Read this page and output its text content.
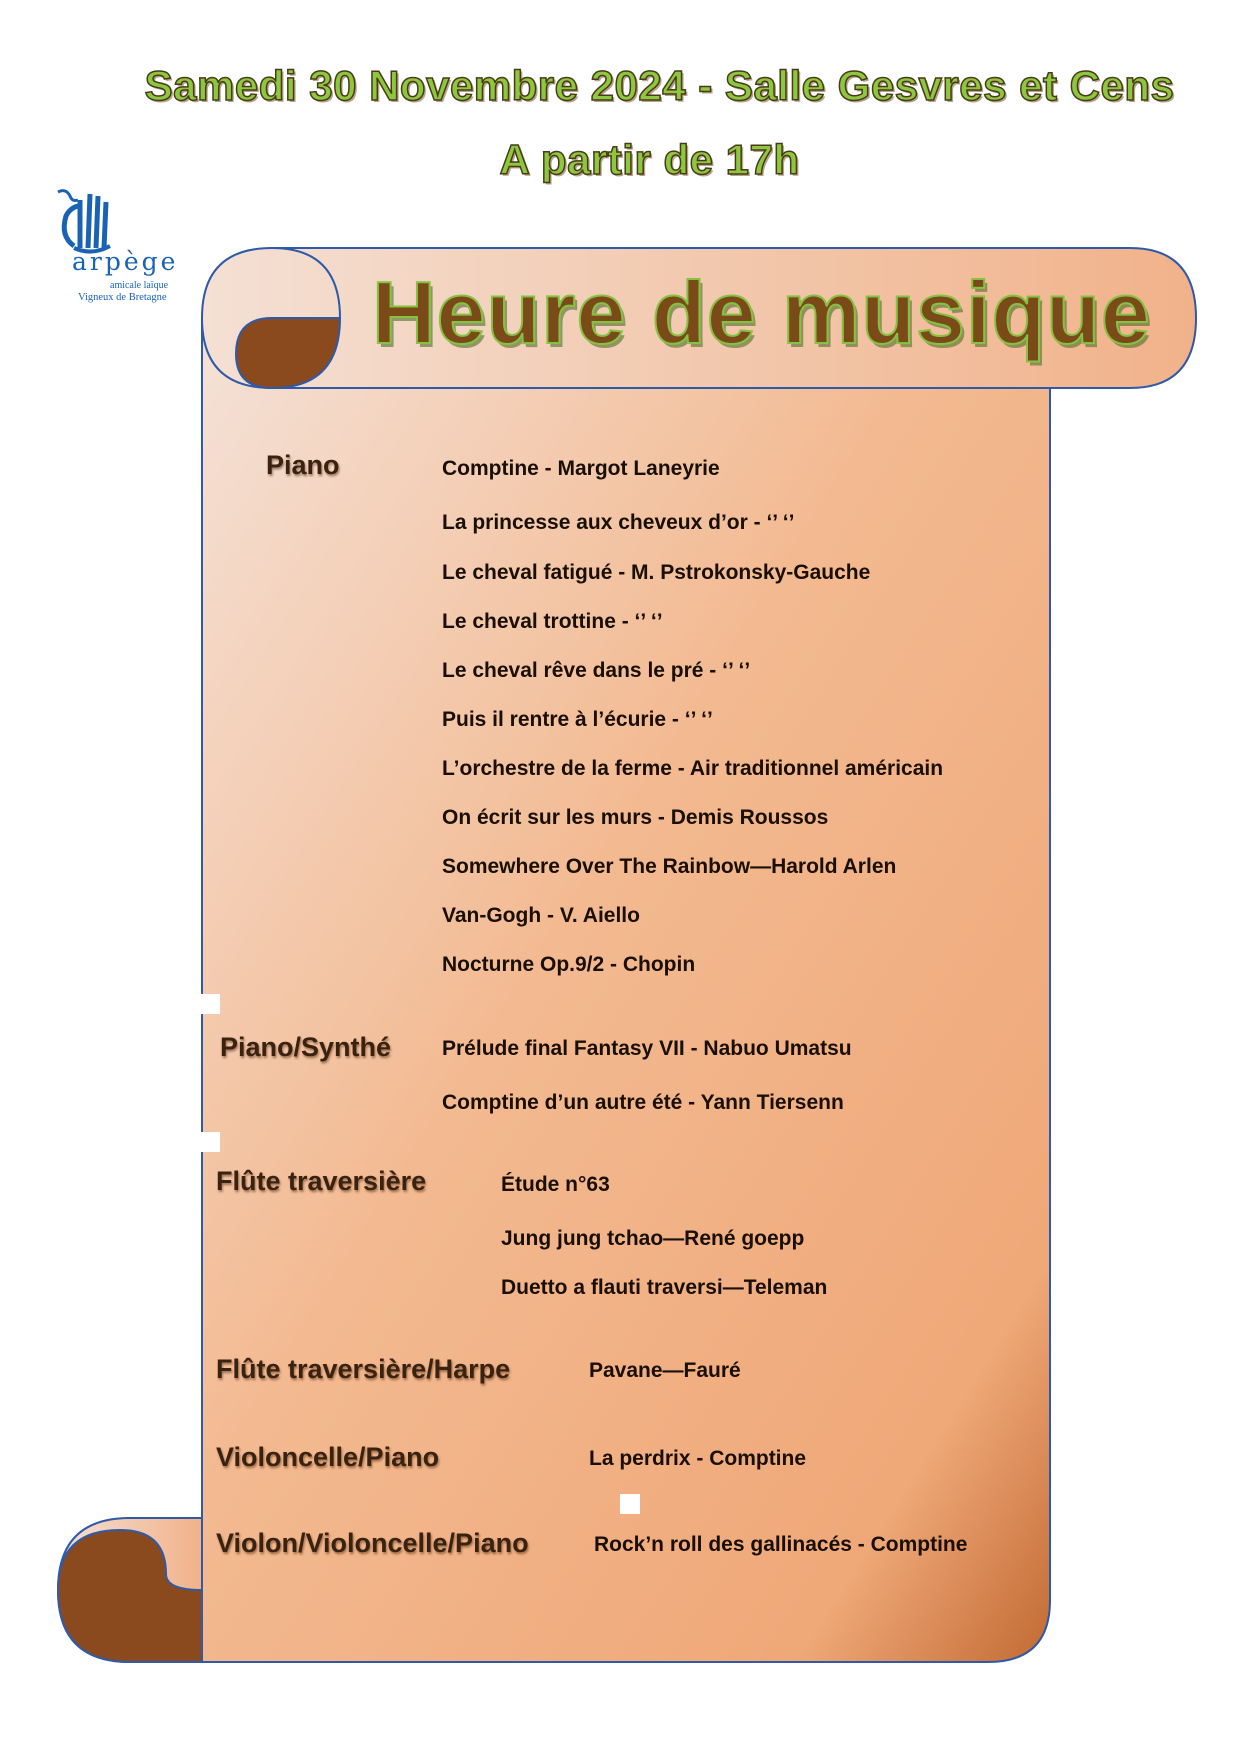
Samedi 30 Novembre 2024 - Salle Gesvres et Cens
A partir de 17h
arpège
amicale laïque
Vigneux de Bretagne Heure de musique
Piano
Piano/Synthé
Flûte traversière
Flûte traversière/Harpe
Violoncelle/Piano
Violon/Violoncelle/Piano
Comptine - Margot Laneyrie
La princesse aux cheveux d’or - ‘’ ‘’
Le cheval fatigué - M. Pstrokonsky-Gauche
Le cheval trottine - ‘’ ‘’
Le cheval rêve dans le pré - ‘’ ‘’
Puis il rentre à l’écurie - ‘’ ‘’
L’orchestre de la ferme - Air traditionnel américain
On écrit sur les murs - Demis Roussos
Somewhere Over The Rainbow—Harold Arlen
Van-Gogh - V. Aiello
Nocturne Op.9/2 - Chopin
Prélude final Fantasy VII - Nabuo Umatsu
Comptine d’un autre été - Yann Tiersenn
Étude n°63
Jung jung tchao—René goepp
Duetto a flauti traversi—Teleman
Pavane—Fauré
La perdrix - Comptine
Rock’n roll des gallinacés - Comptine
